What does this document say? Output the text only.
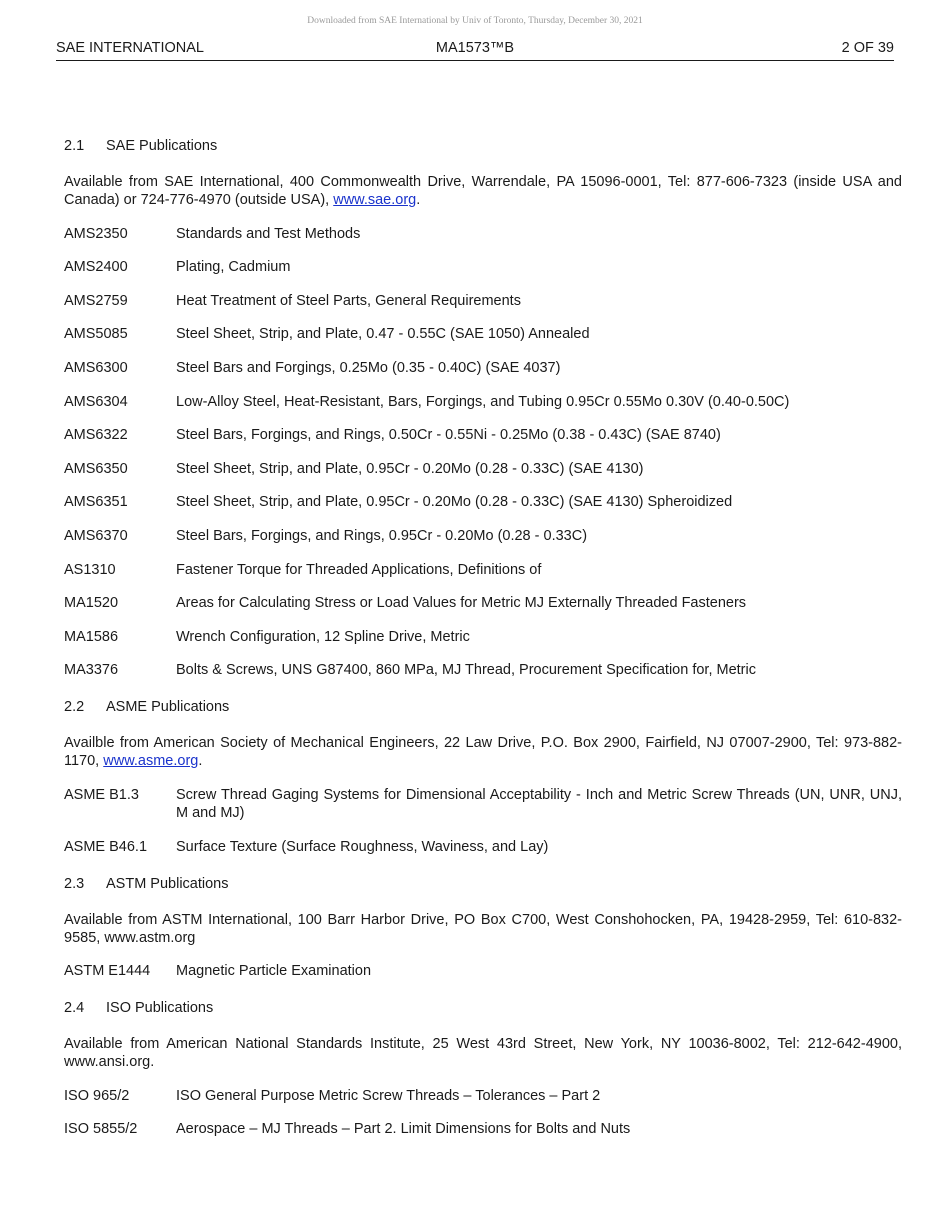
Downloaded from SAE International by Univ of Toronto, Thursday, December 30, 2021
SAE INTERNATIONAL	MA1573™B	2 OF 39
2.1	SAE Publications
Available from SAE International, 400 Commonwealth Drive, Warrendale, PA 15096-0001, Tel: 877-606-7323 (inside USA and Canada) or 724-776-4970 (outside USA), www.sae.org.
AMS2350	Standards and Test Methods
AMS2400	Plating, Cadmium
AMS2759	Heat Treatment of Steel Parts, General Requirements
AMS5085	Steel Sheet, Strip, and Plate, 0.47 - 0.55C (SAE 1050) Annealed
AMS6300	Steel Bars and Forgings, 0.25Mo (0.35 - 0.40C) (SAE 4037)
AMS6304	Low-Alloy Steel, Heat-Resistant, Bars, Forgings, and Tubing 0.95Cr 0.55Mo 0.30V (0.40-0.50C)
AMS6322	Steel Bars, Forgings, and Rings, 0.50Cr - 0.55Ni - 0.25Mo (0.38 - 0.43C) (SAE 8740)
AMS6350	Steel Sheet, Strip, and Plate, 0.95Cr - 0.20Mo (0.28 - 0.33C) (SAE 4130)
AMS6351	Steel Sheet, Strip, and Plate, 0.95Cr - 0.20Mo (0.28 - 0.33C) (SAE 4130) Spheroidized
AMS6370	Steel Bars, Forgings, and Rings, 0.95Cr - 0.20Mo (0.28 - 0.33C)
AS1310	Fastener Torque for Threaded Applications, Definitions of
MA1520	Areas for Calculating Stress or Load Values for Metric MJ Externally Threaded Fasteners
MA1586	Wrench Configuration, 12 Spline Drive, Metric
MA3376	Bolts & Screws, UNS G87400, 860 MPa, MJ Thread, Procurement Specification for, Metric
2.2	ASME Publications
Availble from American Society of Mechanical Engineers, 22 Law Drive, P.O. Box 2900, Fairfield, NJ 07007-2900, Tel: 973-882-1170, www.asme.org.
ASME B1.3	Screw Thread Gaging Systems for Dimensional Acceptability - Inch and Metric Screw Threads (UN, UNR, UNJ, M and MJ)
ASME B46.1	Surface Texture (Surface Roughness, Waviness, and Lay)
2.3	ASTM Publications
Available from ASTM International, 100 Barr Harbor Drive, PO Box C700, West Conshohocken, PA, 19428-2959, Tel: 610-832-9585, www.astm.org
ASTM E1444	Magnetic Particle Examination
2.4	ISO Publications
Available from American National Standards Institute, 25 West 43rd Street, New York, NY 10036-8002, Tel: 212-642-4900, www.ansi.org.
ISO 965/2	ISO General Purpose Metric Screw Threads – Tolerances – Part 2
ISO 5855/2	Aerospace – MJ Threads – Part 2. Limit Dimensions for Bolts and Nuts
